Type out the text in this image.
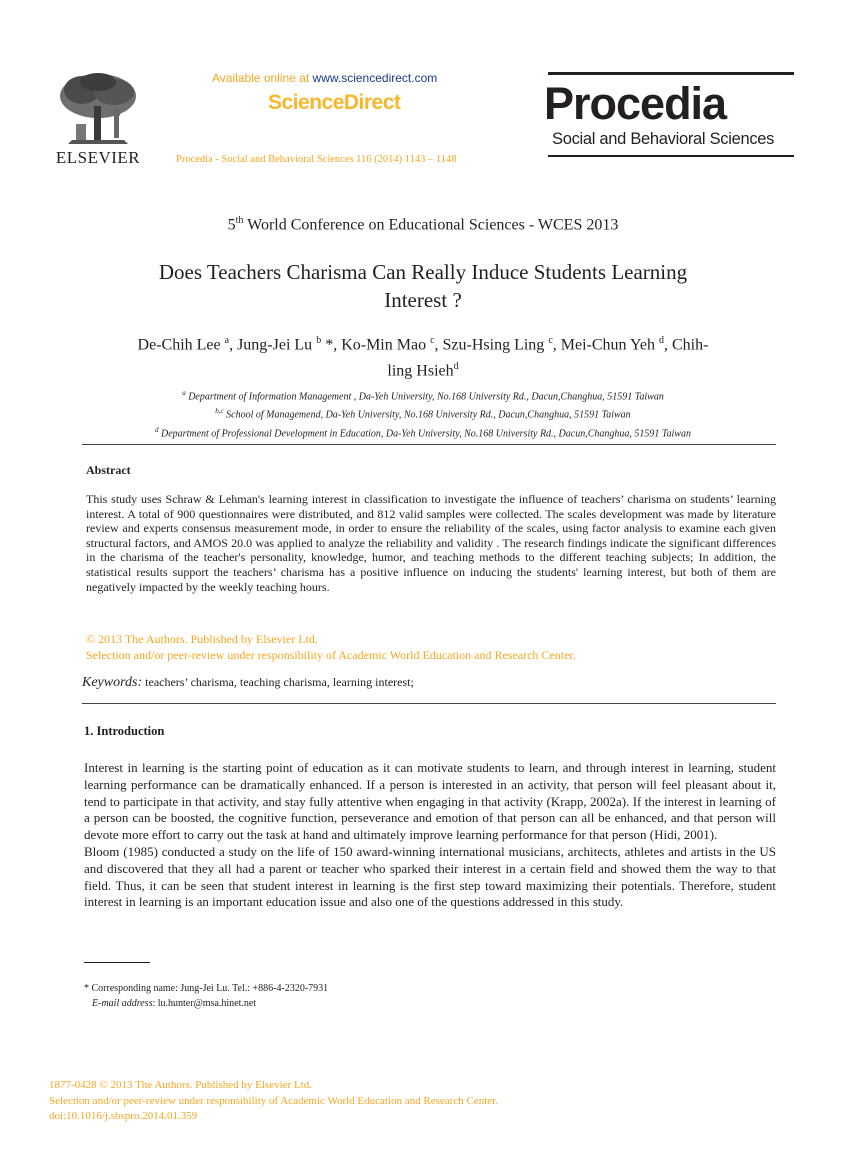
ELSEVIER
Available online at www.sciencedirect.com
ScienceDirect
Procedia - Social and Behavioral Sciences 116 (2014) 1143 – 1148
Procedia
Social and Behavioral Sciences
5th World Conference on Educational Sciences - WCES 2013
Does Teachers Charisma Can Really Induce Students Learning
Interest ?
De-Chih Lee $^a$, Jung-Jei Lu $^b$ *, Ko-Min Mao $^c$, Szu-Hsing Ling $^c$, Mei-Chun Yeh $^d$, Chih-
ling Hsieh$^d$
$^a$ Department of Information Management , Da-Yeh University, No.168 University Rd., Dacun,Changhua, 51591 Taiwan
$^{b,c}$ School of Managemend, Da-Yeh University, No.168 University Rd., Dacun,Changhua, 51591 Taiwan
$^d$ Department of Professional Development in Education, Da-Yeh University, No.168 University Rd., Dacun,Changhua, 51591 Taiwan
Abstract
This study uses Schraw & Lehman's learning interest in classification to investigate the influence of teachers’ charisma on students’ learning interest. A total of 900 questionnaires were distributed, and 812 valid samples were collected. The scales development was made by literature review and experts consensus measurement mode, in order to ensure the reliability of the scales, using factor analysis to examine each given structural factors, and AMOS 20.0 was applied to analyze the reliability and validity . The research findings indicate the significant differences in the charisma of the teacher's personality, knowledge, humor, and teaching methods to the different teaching subjects; In addition, the statistical results support the teachers’ charisma has a positive influence on inducing the students' learning interest, but both of them are negatively impacted by the weekly teaching hours.
© 2013 The Authors. Published by Elsevier Ltd.
Selection and/or peer-review under responsibility of Academic World Education and Research Center.
Keywords: teachers’ charisma, teaching charisma, learning interest;
1. Introduction

Interest in learning is the starting point of education as it can motivate students to learn, and through interest in learning, student learning performance can be dramatically enhanced. If a person is interested in an activity, that person will feel pleasant about it, tend to participate in that activity, and stay fully attentive when engaging in that activity (Krapp, 2002a). If the interest in learning of a person can be boosted, the cognitive function, perseverance and emotion of that person can all be enhanced, and that person will devote more effort to carry out the task at hand and ultimately improve learning performance for that person (Hidi, 2001).

Bloom (1985) conducted a study on the life of 150 award-winning international musicians, architects, athletes and artists in the US and discovered that they all had a parent or teacher who sparked their interest in a certain field and showed them the way to that field. Thus, it can be seen that student interest in learning is the first step toward maximizing their potentials. Therefore, student interest in learning is an important education issue and also one of the questions addressed in this study.

* Corresponding name: Jung-Jei Lu. Tel.: +886-4-2320-7931
E-mail address: lu.hunter@msa.hinet.net
1877-0428 © 2013 The Authors. Published by Elsevier Ltd.
Selection and/or peer-review under responsibility of Academic World Education and Research Center.
doi:10.1016/j.sbspro.2014.01.359
